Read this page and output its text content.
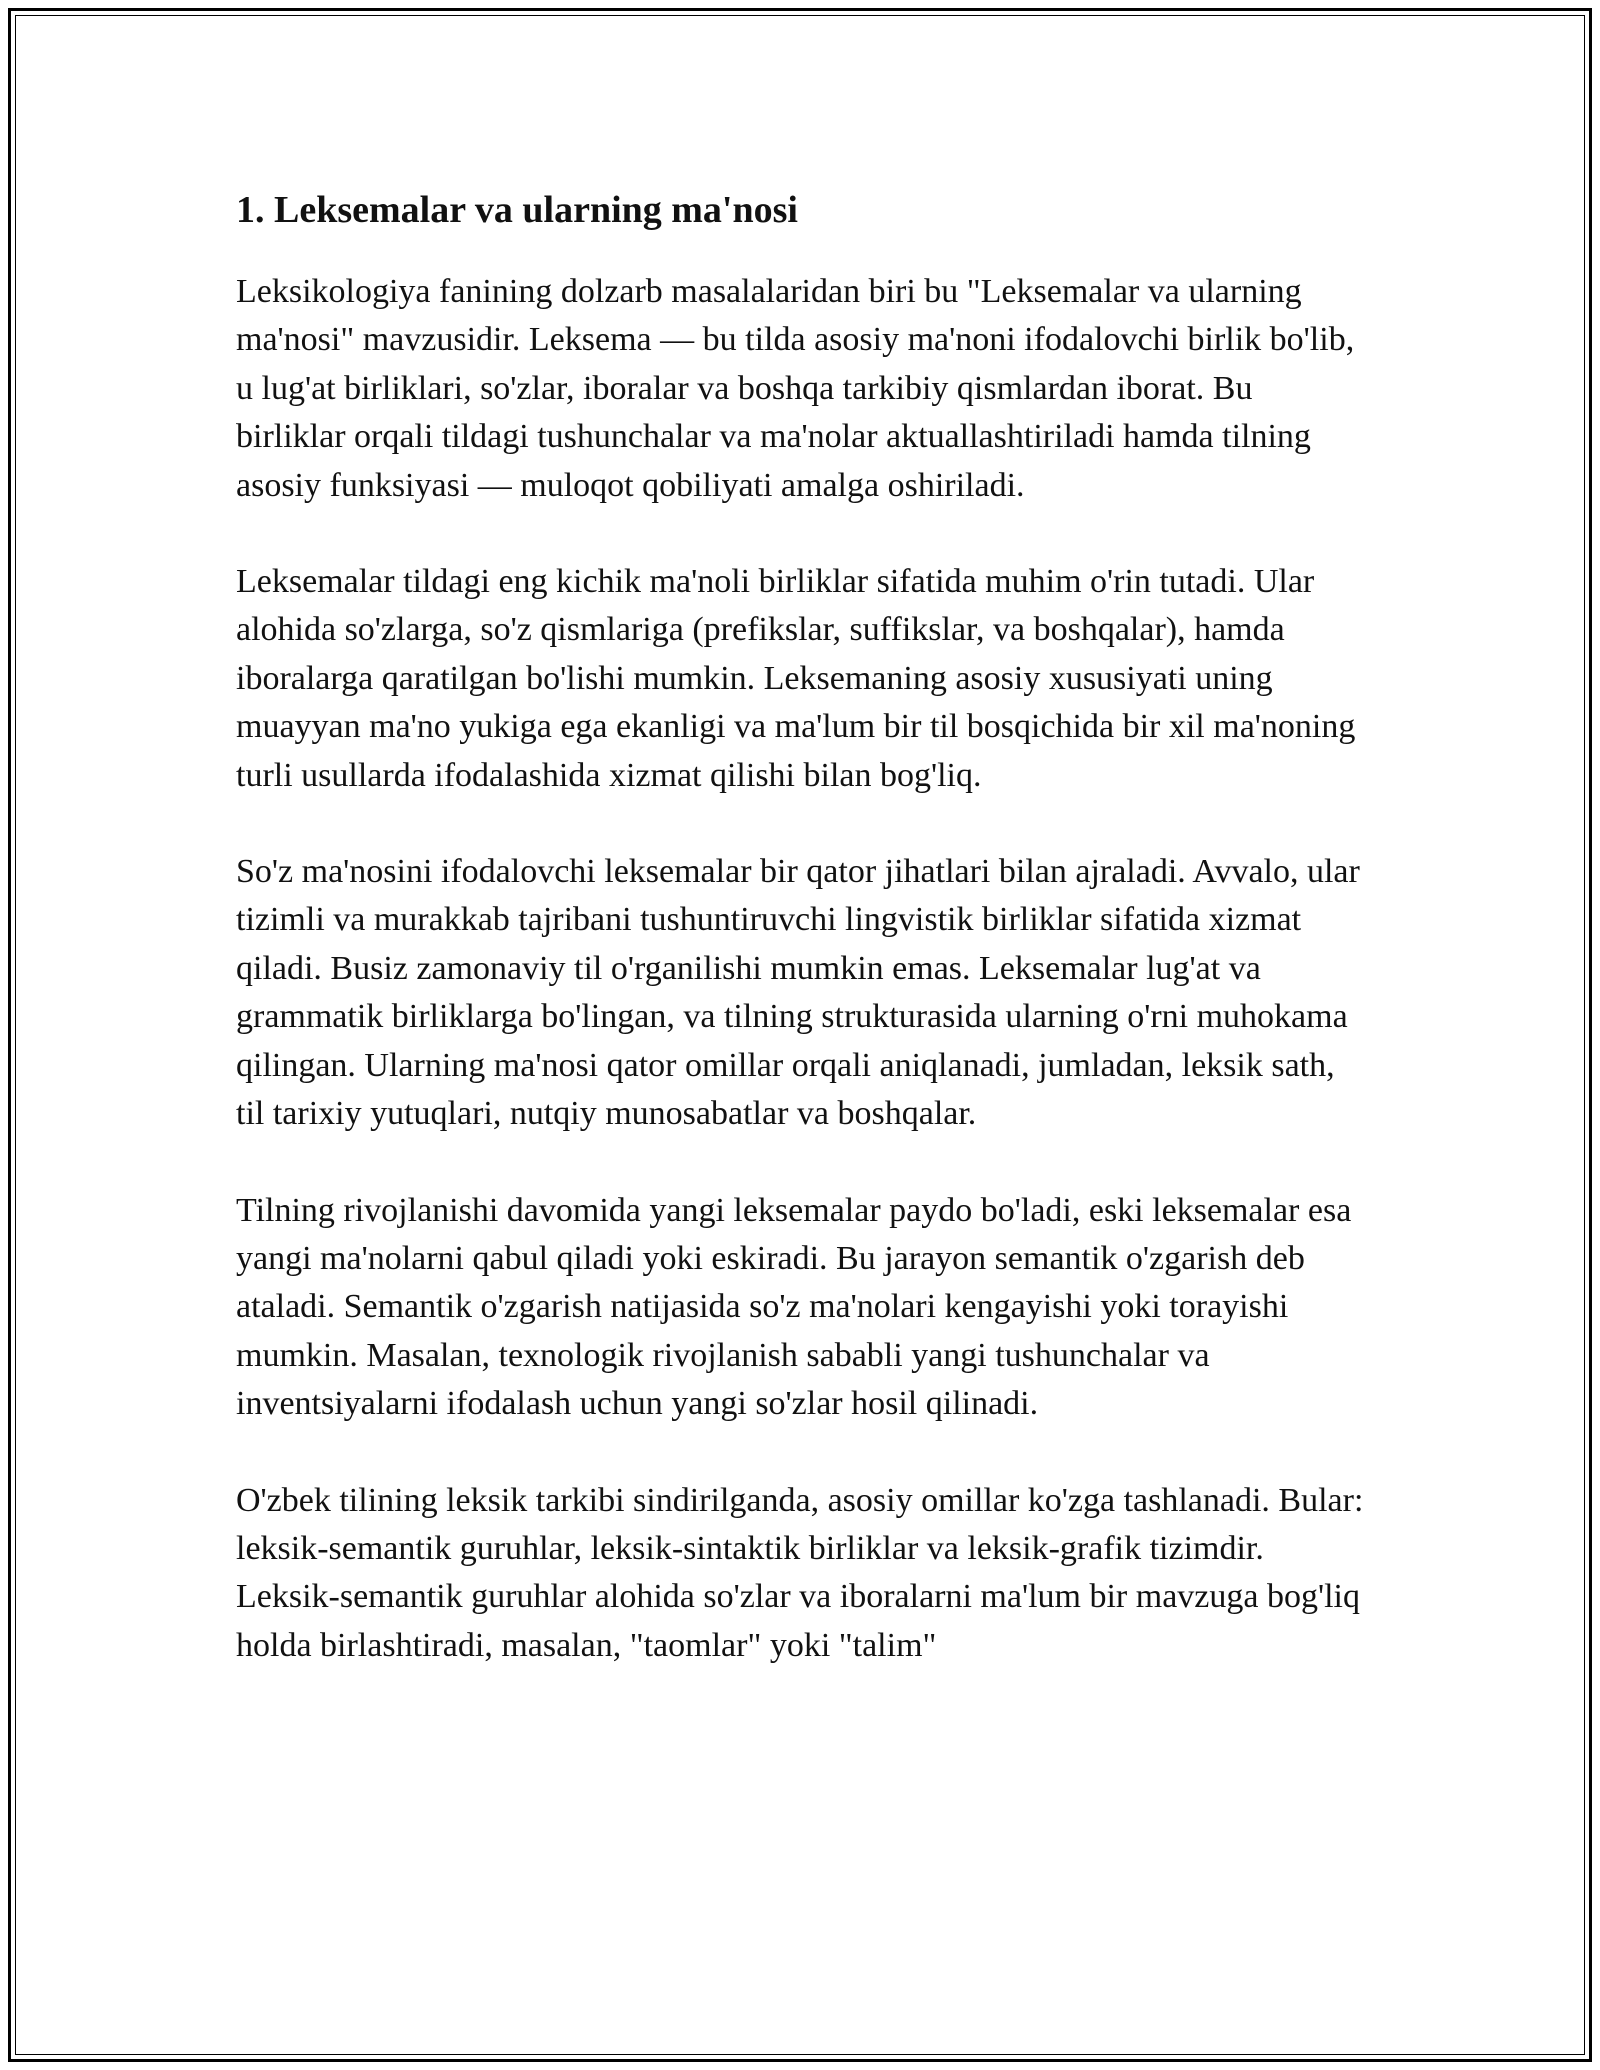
1. Leksemalar va ularning ma'nosi

Leksikologiya fanining dolzarb masalalaridan biri bu "Leksemalar va ularning ma'nosi" mavzusidir. Leksema — bu tilda asosiy ma'noni ifodalovchi birlik bo'lib, u lug'at birliklari, so'zlar, iboralar va boshqa tarkibiy qismlardan iborat. Bu birliklar orqali tildagi tushunchalar va ma'nolar aktuallashtiriladi hamda tilning asosiy funksiyasi — muloqot qobiliyati amalga oshiriladi.

Leksemalar tildagi eng kichik ma'noli birliklar sifatida muhim o'rin tutadi. Ular alohida so'zlarga, so'z qismlariga (prefikslar, suffikslar, va boshqalar), hamda iboralarga qaratilgan bo'lishi mumkin. Leksemaning asosiy xususiyati uning muayyan ma'no yukiga ega ekanligi va ma'lum bir til bosqichida bir xil ma'noning turli usullarda ifodalashida xizmat qilishi bilan bog'liq.

So'z ma'nosini ifodalovchi leksemalar bir qator jihatlari bilan ajraladi. Avvalo, ular tizimli va murakkab tajribani tushuntiruvchi lingvistik birliklar sifatida xizmat qiladi. Busiz zamonaviy til o'rganilishi mumkin emas. Leksemalar lug'at va grammatik birliklarga bo'lingan, va tilning strukturasida ularning o'rni muhokama qilingan. Ularning ma'nosi qator omillar orqali aniqlanadi, jumladan, leksik sath, til tarixiy yutuqlari, nutqiy munosabatlar va boshqalar.

Tilning rivojlanishi davomida yangi leksemalar paydo bo'ladi, eski leksemalar esa yangi ma'nolarni qabul qiladi yoki eskiradi. Bu jarayon semantik o'zgarish deb ataladi. Semantik o'zgarish natijasida so'z ma'nolari kengayishi yoki torayishi mumkin. Masalan, texnologik rivojlanish sababli yangi tushunchalar va inventsiyalarni ifodalash uchun yangi so'zlar hosil qilinadi.

O'zbek tilining leksik tarkibi sindirilganda, asosiy omillar ko'zga tashlanadi. Bular: leksik-semantik guruhlar, leksik-sintaktik birliklar va leksik-grafik tizimdir. Leksik-semantik guruhlar alohida so'zlar va iboralarni ma'lum bir mavzuga bog'liq holda birlashtiradi, masalan, "taomlar" yoki "talim"
